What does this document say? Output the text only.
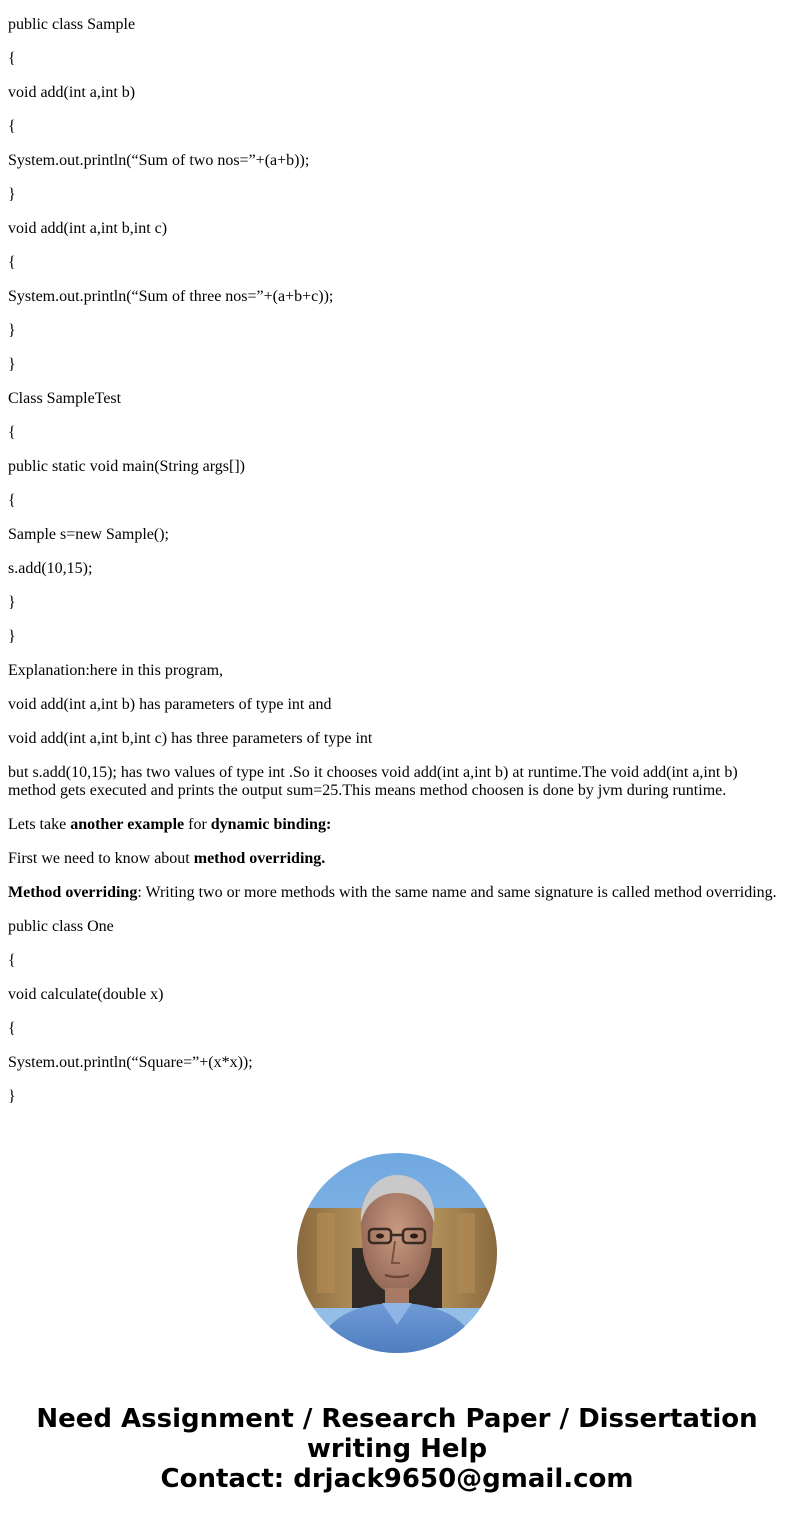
public class Sample

{

void add(int a,int b)

{

System.out.println(“Sum of two nos=”+(a+b));

}

void add(int a,int b,int c)

{

System.out.println(“Sum of three nos=”+(a+b+c));

}

}

Class SampleTest

{

public static void main(String args[])

{

Sample s=new Sample();

s.add(10,15);

}

}

Explanation:here in this program,

void add(int a,int b) has parameters of type int and

void add(int a,int b,int c) has three parameters of type int

but s.add(10,15); has two values of type int .So it chooses void add(int a,int b) at runtime.The void add(int a,int b) method gets executed and prints the output sum=25.This means method choosen is done by jvm during runtime.

Lets take another example for dynamic binding:

First we need to know about method overriding.

Method overriding: Writing two or more methods with the same name and same signature is called method overriding.

public class One

{

void calculate(double x)

{

System.out.println(“Square=”+(x*x));

}

Need Assignment / Research Paper / Dissertation
writing Help
Contact: drjack9650@gmail.com
